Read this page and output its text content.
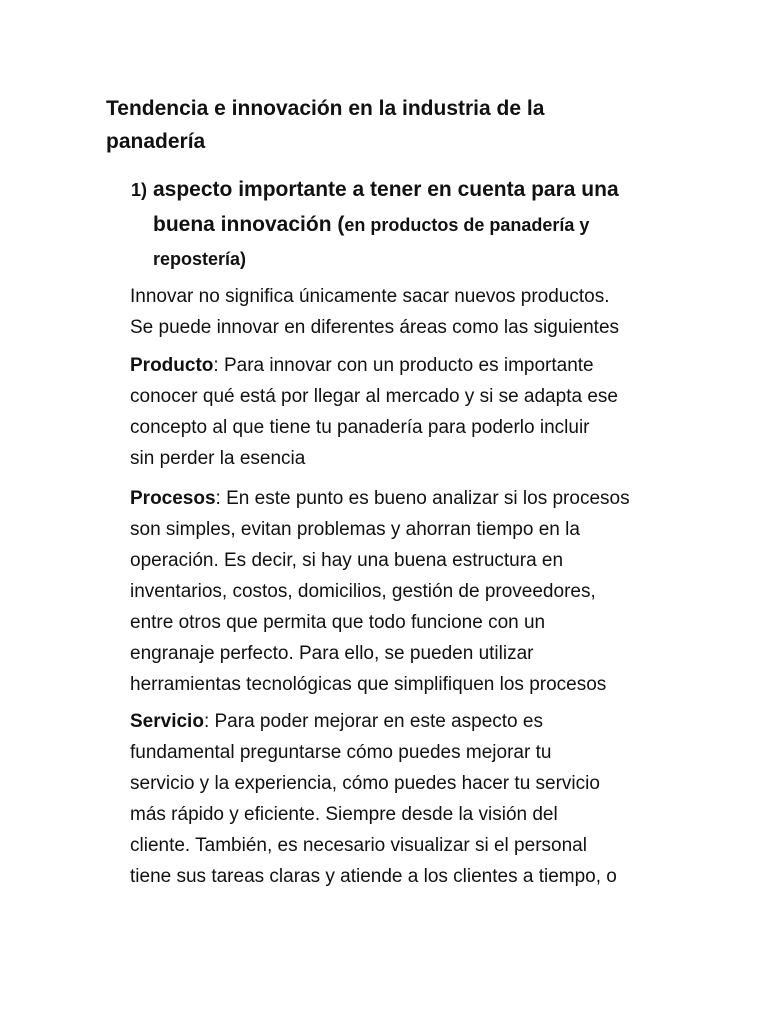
Tendencia e innovación en la industria de la
panadería
1) aspecto importante a tener en cuenta para una
buena innovación (en productos de panadería y
repostería)

Innovar no significa únicamente sacar nuevos productos.
Se puede innovar en diferentes áreas como las siguientes

Producto: Para innovar con un producto es importante
conocer qué está por llegar al mercado y si se adapta ese
concepto al que tiene tu panadería para poderlo incluir
sin perder la esencia

Procesos: En este punto es bueno analizar si los procesos
son simples, evitan problemas y ahorran tiempo en la
operación. Es decir, si hay una buena estructura en
inventarios, costos, domicilios, gestión de proveedores,
entre otros que permita que todo funcione con un
engranaje perfecto. Para ello, se pueden utilizar
herramientas tecnológicas que simplifiquen los procesos

Servicio: Para poder mejorar en este aspecto es
fundamental preguntarse cómo puedes mejorar tu
servicio y la experiencia, cómo puedes hacer tu servicio
más rápido y eficiente. Siempre desde la visión del
cliente. También, es necesario visualizar si el personal
tiene sus tareas claras y atiende a los clientes a tiempo, o
